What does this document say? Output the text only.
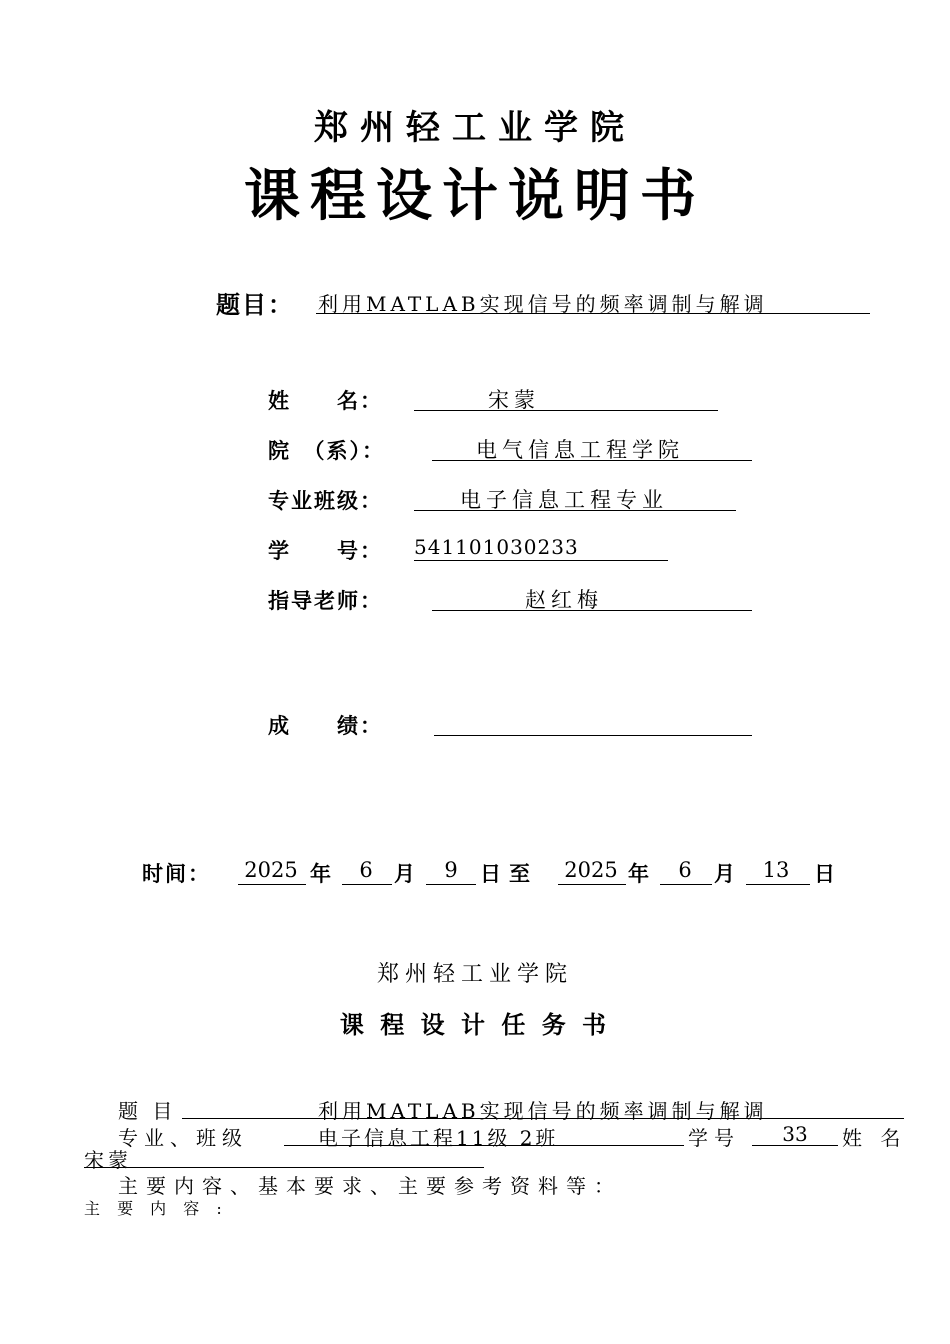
郑州轻工业学院
课程设计说明书
题目： 利用MATLAB实现信号的频率调制与解调
姓　　名：	宋蒙
院　（系）：	电气信息工程学院
专业班级：	电子信息工程专业
学　　号： 541101030233
指导老师：	赵红梅
成　　绩：
时间： 2025 年	6	月	9	日至 2025 年	6	月	13	日
郑州轻工业学院
课 程 设 计 任 务 书
题 目	利用MATLAB实现信号的频率调制与解调
专业、班级	电子信息工程11级 2班	学号	33	姓 名
宋蒙
主要内容、基本要求、主要参考资料等：
主 要 内 容 :
